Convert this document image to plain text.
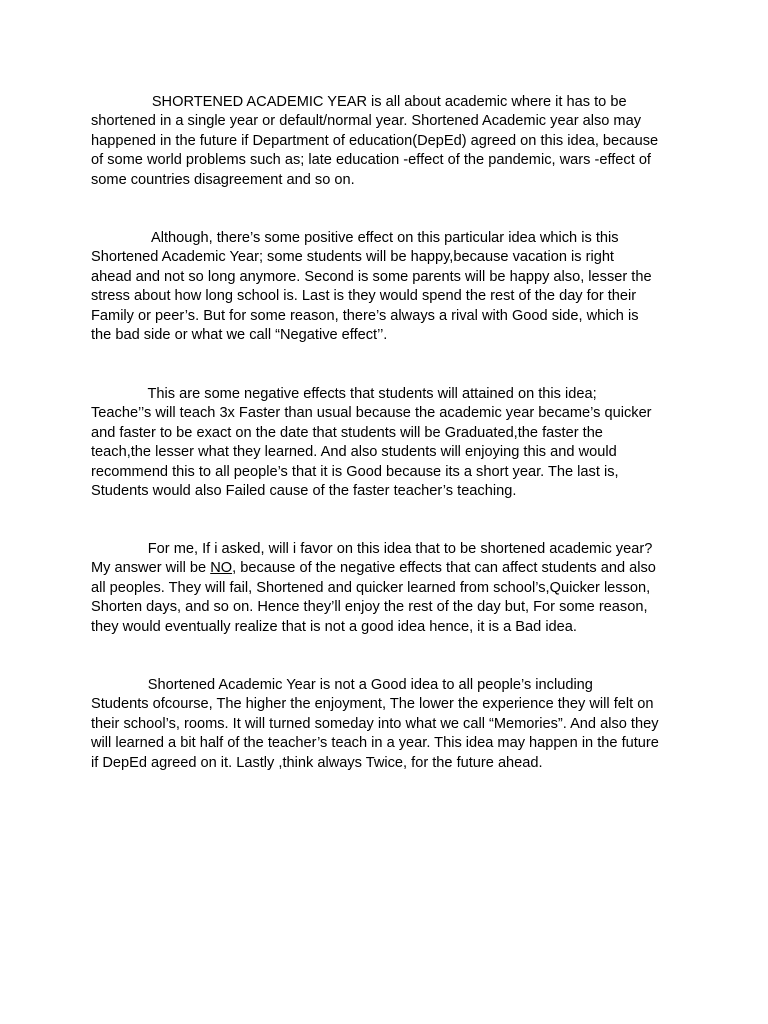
SHORTENED ACADEMIC YEAR is all about academic where it has to be
shortened in a single year or default/normal year. Shortened Academic year also may
happened in the future if Department of education(DepEd) agreed on this idea, because
of some world problems such as; late education -effect of the pandemic, wars -effect of
some countries disagreement and so on.
Although, there’s some positive effect on this particular idea which is this
Shortened Academic Year; some students will be happy,because vacation is right
ahead and not so long anymore. Second is some parents will be happy also, lesser the
stress about how long school is. Last is they would spend the rest of the day for their
Family or peer’s. But for some reason, there’s always a rival with Good side, which is
the bad side or what we call “Negative effect’’.
This are some negative effects that students will attained on this idea;
Teache’’s will teach 3x Faster than usual because the academic year became’s quicker
and faster to be exact on the date that students will be Graduated,the faster the
teach,the lesser what they learned. And also students will enjoying this and would
recommend this to all people’s that it is Good because its a short year. The last is,
Students would also Failed cause of the faster teacher’s teaching.
For me, If i asked, will i favor on this idea that to be shortened academic year?
My answer will be NO, because of the negative effects that can affect students and also
all peoples. They will fail, Shortened and quicker learned from school’s,Quicker lesson,
Shorten days, and so on. Hence they’ll enjoy the rest of the day but, For some reason,
they would eventually realize that is not a good idea hence, it is a Bad idea.
Shortened Academic Year is not a Good idea to all people’s including
Students ofcourse, The higher the enjoyment, The lower the experience they will felt on
their school’s, rooms. It will turned someday into what we call “Memories”. And also they
will learned a bit half of the teacher’s teach in a year. This idea may happen in the future
if DepEd agreed on it. Lastly ,think always Twice, for the future ahead.
